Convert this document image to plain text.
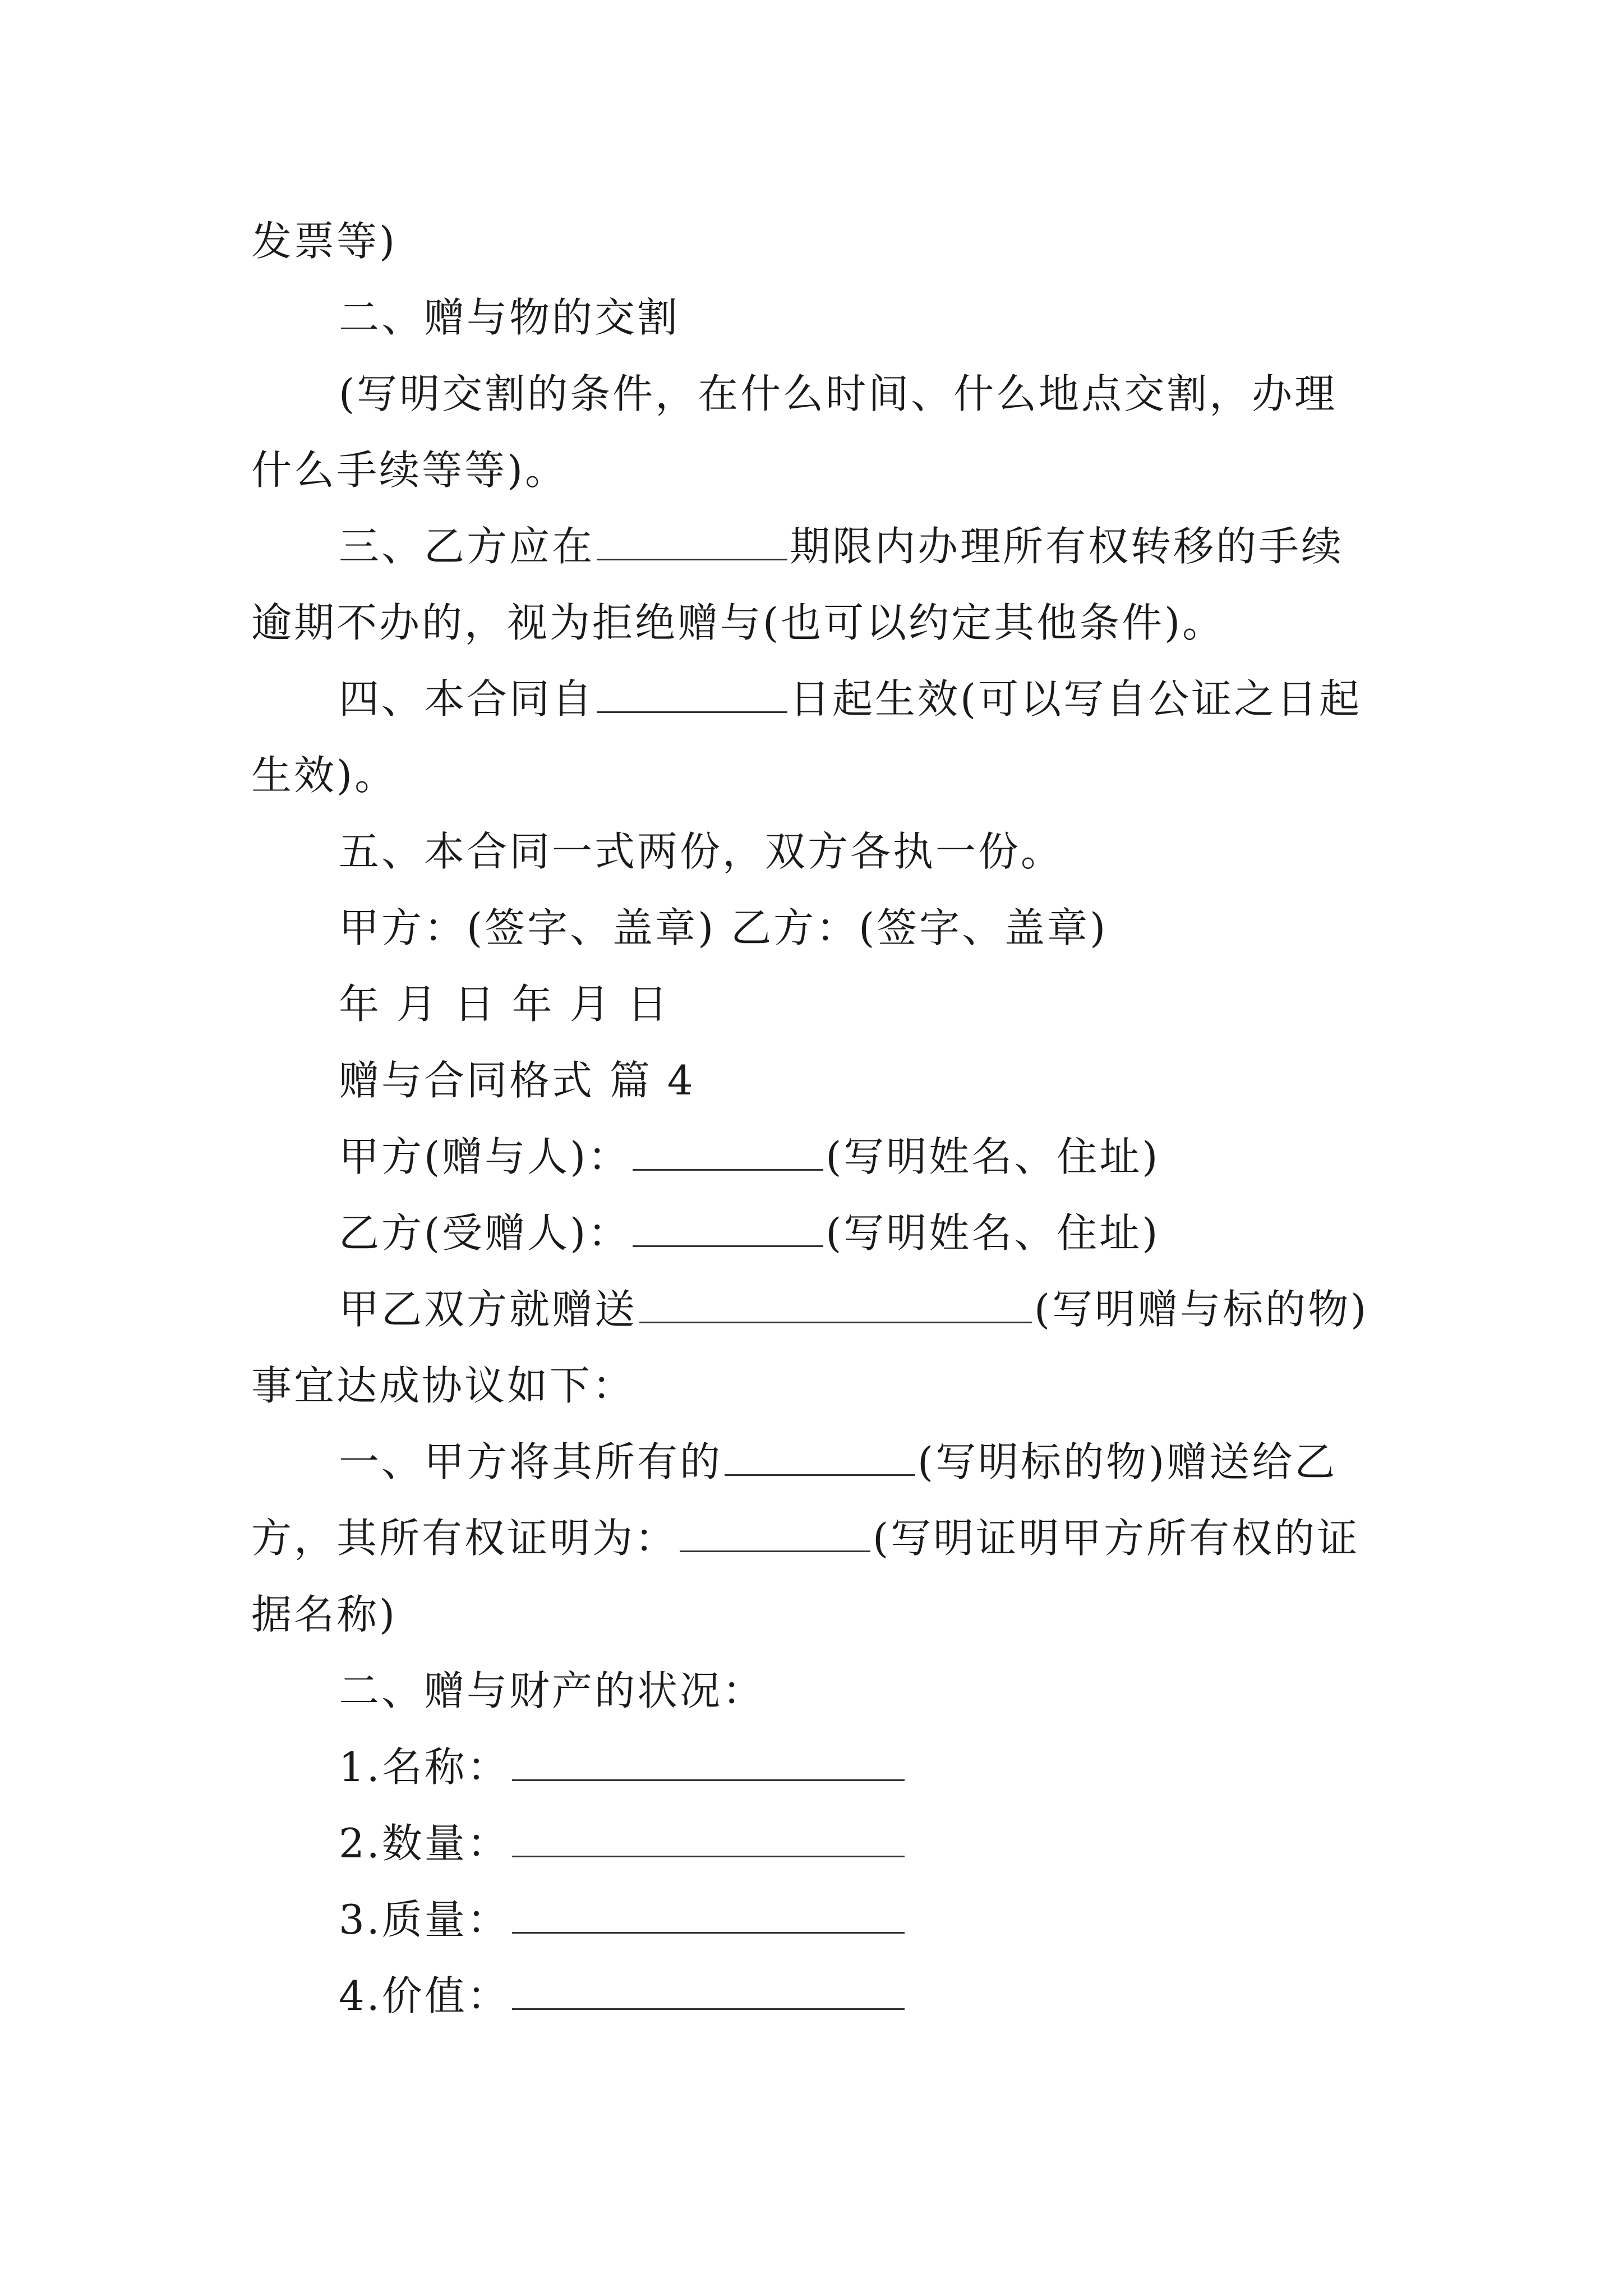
发票等)
二、赠与物的交割
(写明交割的条件，在什么时间、什么地点交割，办理
什么手续等等)。
三、乙方应在	期限内办理所有权转移的手续
逾期不办的，视为拒绝赠与(也可以约定其他条件)。
四、本合同自	日起生效(可以写自公证之日起
生效)。
五、本合同一式两份，双方各执一份。
甲方：(签字、盖章) 乙方：(签字、盖章)
年 月 日 年 月 日
赠与合同格式 篇 4
甲方(赠与人)：	(写明姓名、住址)
乙方(受赠人)：	(写明姓名、住址)
甲乙双方就赠送	(写明赠与标的物)
事宜达成协议如下：
一、甲方将其所有的	(写明标的物)赠送给乙
方，其所有权证明为：	(写明证明甲方所有权的证
据名称)
二、赠与财产的状况：
1.名称：
2.数量：
3.质量：
4.价值：
